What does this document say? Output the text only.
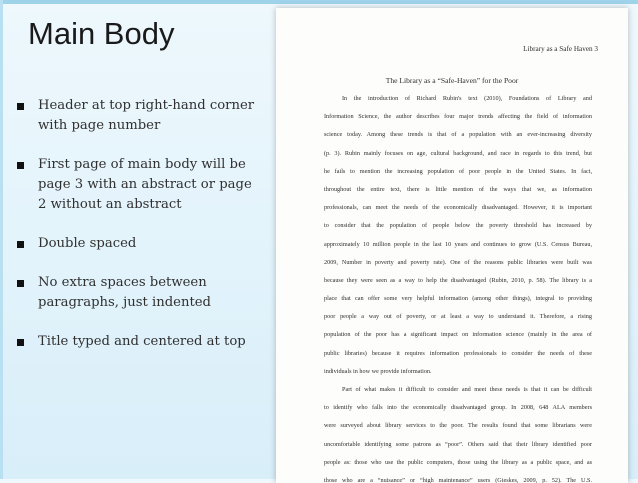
Main Body
Header at top right-hand corner with page number
First page of main body will be page 3 with an abstract or page 2 without an abstract
Double spaced
No extra spaces between paragraphs, just indented
Title typed and centered at top
Library as a Safe Haven 3
The Library as a “Safe-Haven” for the Poor
In the introduction of Richard Rubin's text (2010), Foundations of Library and
Information Science, the author describes four major trends affecting the field of information
science today. Among these trends is that of a population with an ever-increasing diversity
(p. 3). Rubin mainly focuses on age, cultural background, and race in regards to this trend, but
he fails to mention the increasing population of poor people in the United States. In fact,
throughout the entire text, there is little mention of the ways that we, as information
professionals, can meet the needs of the economically disadvantaged. However, it is important
to consider that the population of people below the poverty threshold has increased by
approximately 10 million people in the last 10 years and continues to grow (U.S. Census Bureau,
2009, Number in poverty and poverty rate). One of the reasons public libraries were built was
because they were seen as a way to help the disadvantaged (Rubin, 2010, p. 58). The library is a
place that can offer some very helpful information (among other things), integral to providing
poor people a way out of poverty, or at least a way to understand it. Therefore, a rising
population of the poor has a significant impact on information science (mainly in the area of
public libraries) because it requires information professionals to consider the needs of these
individuals in how we provide information.
Part of what makes it difficult to consider and meet these needs is that it can be difficult
to identify who falls into the economically disadvantaged group. In 2008, 648 ALA members
were surveyed about library services to the poor. The results found that some librarians were
uncomfortable identifying some patrons as “poor”. Others said that their library identified poor
people as: those who use the public computers, those using the library as a public space, and as
those who are a “nuisance” or “high maintenance” users (Gieskes, 2009, p. 52). The U.S.
